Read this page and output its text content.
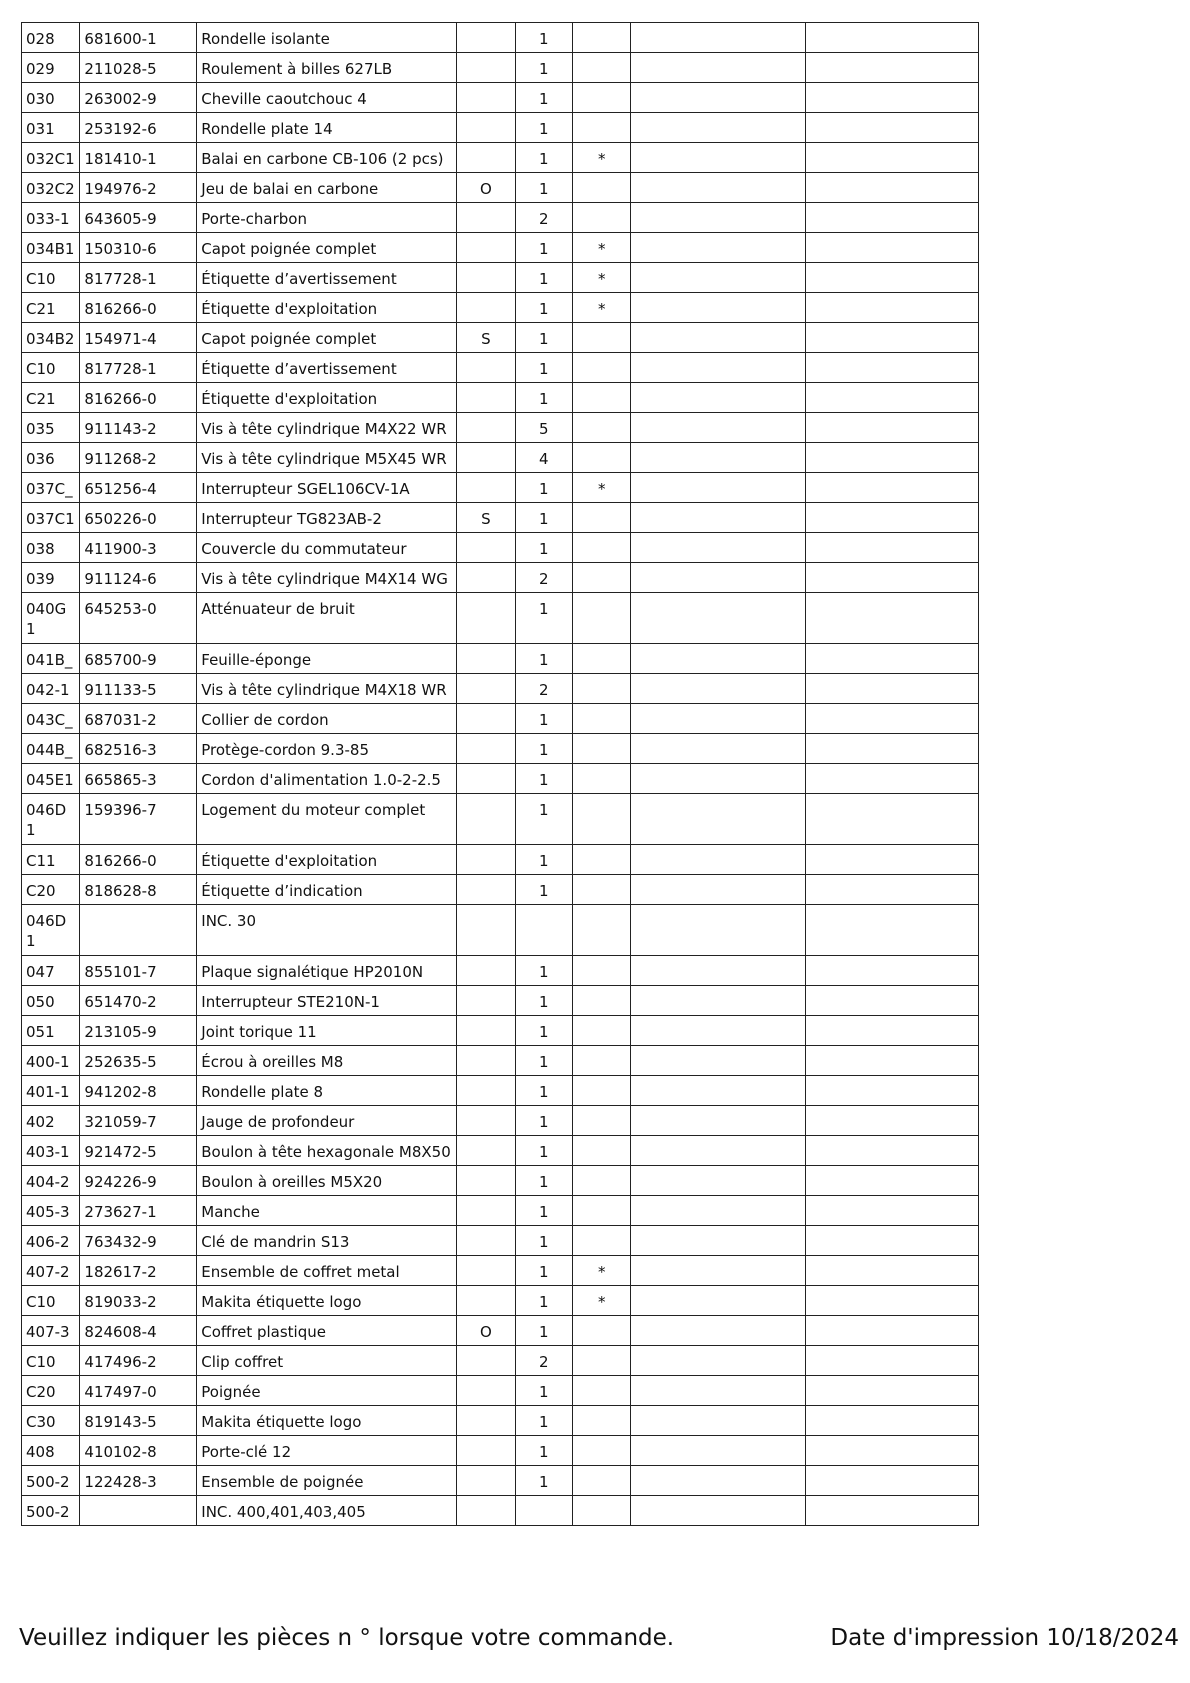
028	681600-1	Rondelle isolante		1			
029	211028-5	Roulement à billes 627LB		1			
030	263002-9	Cheville caoutchouc 4		1			
031	253192-6	Rondelle plate 14		1			
032C1	181410-1	Balai en carbone CB-106 (2 pcs)		1	*		
032C2	194976-2	Jeu de balai en carbone	O	1			
033-1	643605-9	Porte-charbon		2			
034B1	150310-6	Capot poignée complet		1	*		
C10	817728-1	Étiquette d’avertissement		1	*		
C21	816266-0	Étiquette d'exploitation		1	*		
034B2	154971-4	Capot poignée complet	S	1			
C10	817728-1	Étiquette d’avertissement		1			
C21	816266-0	Étiquette d'exploitation		1			
035	911143-2	Vis à tête cylindrique M4X22 WR		5			
036	911268-2	Vis à tête cylindrique M5X45 WR		4			
037C_	651256-4	Interrupteur SGEL106CV-1A		1	*		
037C1	650226-0	Interrupteur TG823AB-2	S	1			
038	411900-3	Couvercle du commutateur		1			
039	911124-6	Vis à tête cylindrique M4X14 WG		2			
040G 1	645253-0	Atténuateur de bruit		1			
041B_	685700-9	Feuille-éponge		1			
042-1	911133-5	Vis à tête cylindrique M4X18 WR		2			
043C_	687031-2	Collier de cordon		1			
044B_	682516-3	Protège-cordon 9.3-85		1			
045E1	665865-3	Cordon d'alimentation 1.0-2-2.5		1			
046D 1	159396-7	Logement du moteur complet		1			
C11	816266-0	Étiquette d'exploitation		1			
C20	818628-8	Étiquette d’indication		1			
046D 1		INC. 30					
047	855101-7	Plaque signalétique HP2010N		1			
050	651470-2	Interrupteur STE210N-1		1			
051	213105-9	Joint torique 11		1			
400-1	252635-5	Écrou à oreilles M8		1			
401-1	941202-8	Rondelle plate 8		1			
402	321059-7	Jauge de profondeur		1			
403-1	921472-5	Boulon à tête hexagonale M8X50		1			
404-2	924226-9	Boulon à oreilles M5X20		1			
405-3	273627-1	Manche		1			
406-2	763432-9	Clé de mandrin S13		1			
407-2	182617-2	Ensemble de coffret metal		1	*		
C10	819033-2	Makita étiquette logo		1	*		
407-3	824608-4	Coffret plastique	O	1			
C10	417496-2	Clip coffret		2			
C20	417497-0	Poignée		1			
C30	819143-5	Makita étiquette logo		1			
408	410102-8	Porte-clé 12		1			
500-2	122428-3	Ensemble de poignée		1			
500-2		INC. 400,401,403,405					
Veuillez indiquer les pièces n ° lorsque votre commande.	Date d'impression 10/18/2024
